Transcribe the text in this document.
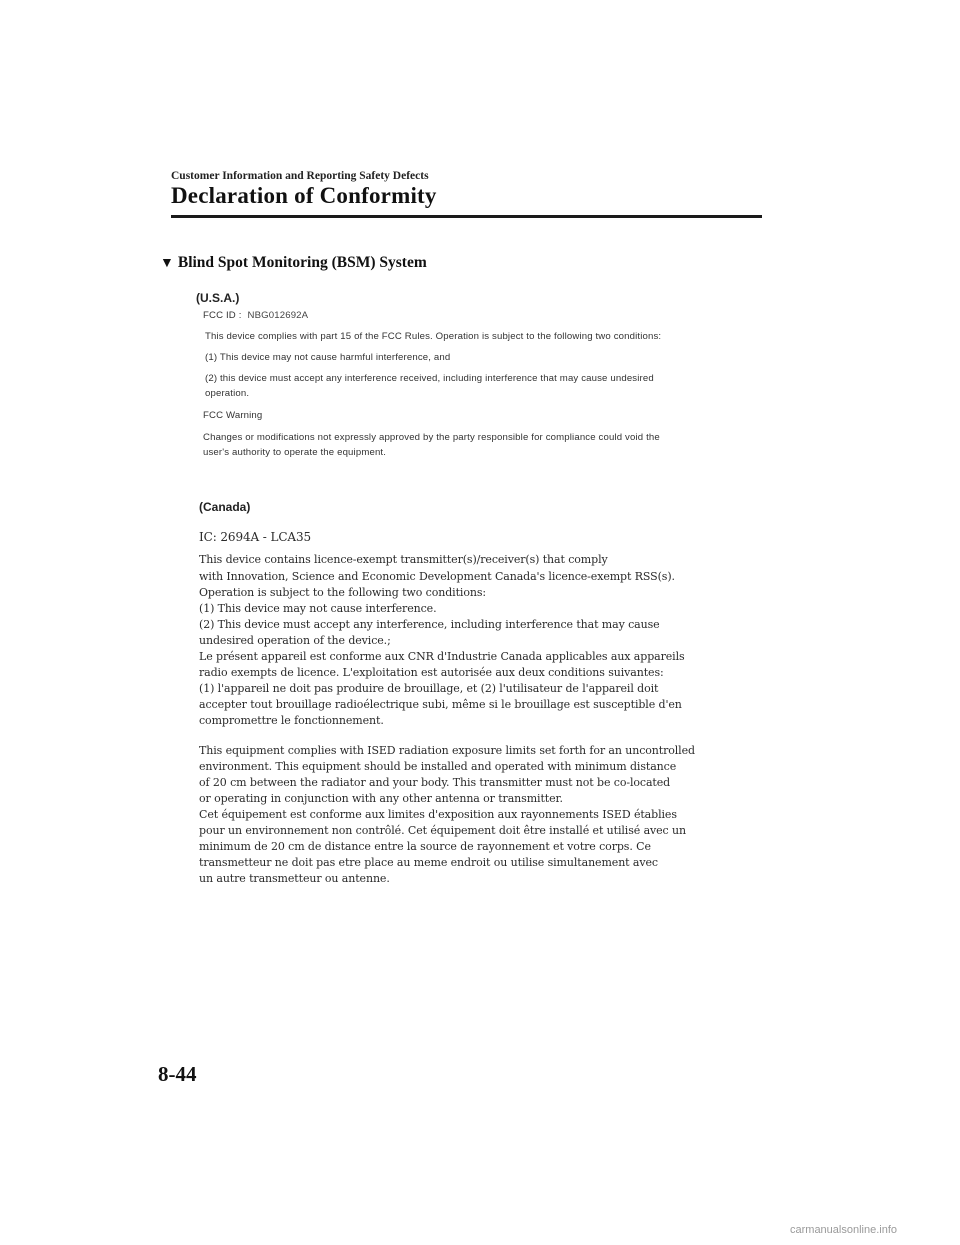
Customer Information and Reporting Safety Defects
Declaration of Conformity
▼ Blind Spot Monitoring (BSM) System
(U.S.A.)
FCC ID : NBG012692A
This device complies with part 15 of the FCC Rules. Operation is subject to the following two conditions:
(1) This device may not cause harmful interference, and
(2) this device must accept any interference received, including interference that may cause undesired
operation.
FCC Warning
Changes or modifications not expressly approved by the party responsible for compliance could void the
user's authority to operate the equipment.
(Canada)
IC: 2694A - LCA35
This device contains licence-exempt transmitter(s)/receiver(s) that comply
with Innovation, Science and Economic Development Canada's licence-exempt RSS(s).
Operation is subject to the following two conditions:
(1) This device may not cause interference.
(2) This device must accept any interference, including interference that may cause
undesired operation of the device.;
Le présent appareil est conforme aux CNR d'Industrie Canada applicables aux appareils
radio exempts de licence. L'exploitation est autorisée aux deux conditions suivantes:
(1) l'appareil ne doit pas produire de brouillage, et (2) l'utilisateur de l'appareil doit
accepter tout brouillage radioélectrique subi, même si le brouillage est susceptible d'en
compromettre le fonctionnement.
This equipment complies with ISED radiation exposure limits set forth for an uncontrolled
environment. This equipment should be installed and operated with minimum distance
of 20 cm between the radiator and your body. This transmitter must not be co-located
or operating in conjunction with any other antenna or transmitter.
Cet équipement est conforme aux limites d'exposition aux rayonnements ISED établies
pour un environnement non contrôlé. Cet équipement doit être installé et utilisé avec un
minimum de 20 cm de distance entre la source de rayonnement et votre corps. Ce
transmetteur ne doit pas etre place au meme endroit ou utilise simultanement avec
un autre transmetteur ou antenne.
8-44
carmanualsonline.info
